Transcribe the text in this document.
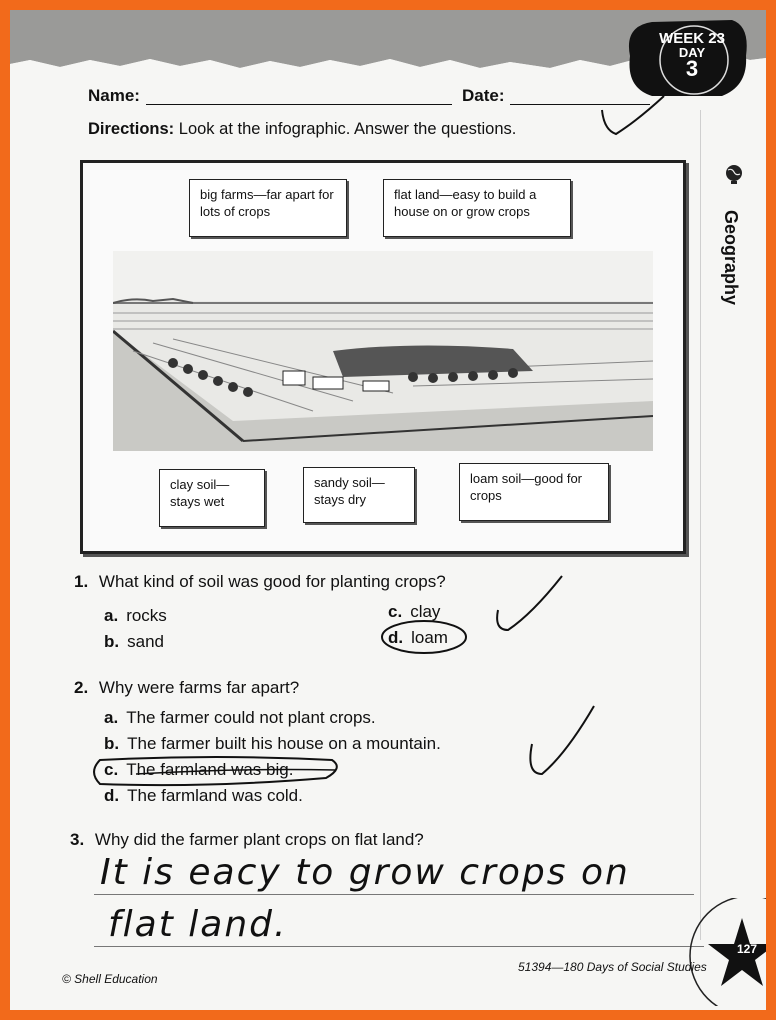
WEEK 23
DAY
3
Name:	Date:
Directions: Look at the infographic. Answer the questions.
Geography
big farms—far apart for lots of crops
flat land—easy to build a house on or grow crops
clay soil— stays wet
sandy soil— stays dry
loam soil—good for crops
1. What kind of soil was good for planting crops?
a. rocks
b. sand
c. clay
d. loam
2. Why were farms far apart?
a. The farmer could not plant crops.
b. The farmer built his house on a mountain.
c. The farmland was big.
d. The farmland was cold.
3. Why did the farmer plant crops on flat land?
It is eacy to grow crops on
flat land.
127
© Shell Education
51394—180 Days of Social Studies
